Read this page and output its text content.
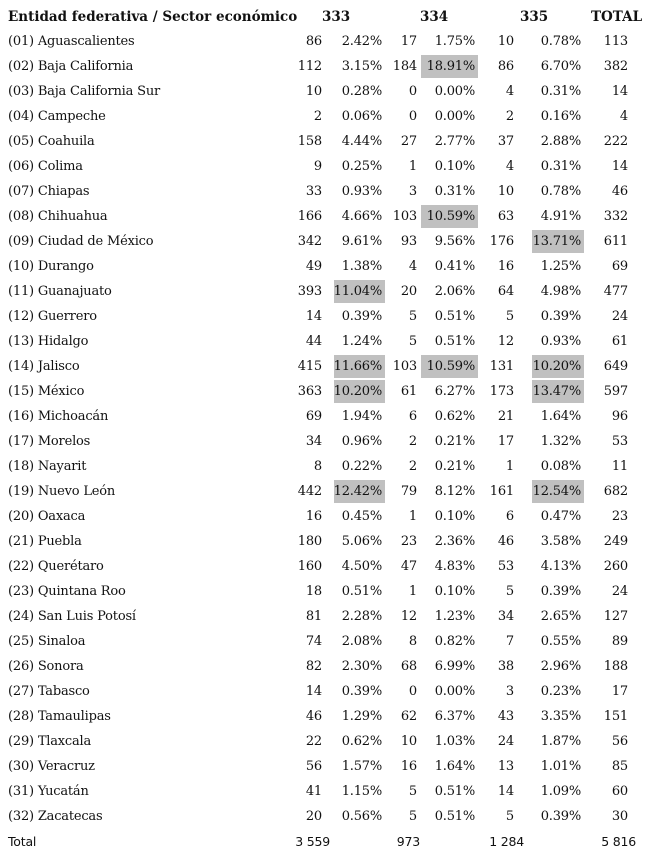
Entidad federativa / Sector económico 333	334	335	TOTAL
(01) Aguascalientes	86 2.42%	17 1.75%	10 0.78%	113
(02) Baja California	112 3.15% 184 18.91%	86 6.70%	382
(03) Baja California Sur	10 0.28%	0 0.00%	4 0.31%	14
(04) Campeche	2 0.06%	0 0.00%	2 0.16%	4
(05) Coahuila	158 4.44%	27 2.77%	37 2.88%	222
(06) Colima	9 0.25%	1 0.10%	4 0.31%	14
(07) Chiapas	33 0.93%	3 0.31%	10 0.78%	46
(08) Chihuahua	166 4.66% 103 10.59%	63 4.91%	332
(09) Ciudad de México	342 9.61%	93 9.56%	176 13.71%	611
(10) Durango	49 1.38%	4 0.41%	16 1.25%	69
(11) Guanajuato	393 11.04%	20 2.06%	64 4.98%	477
(12) Guerrero	14 0.39%	5 0.51%	5 0.39%	24
(13) Hidalgo	44 1.24%	5 0.51%	12 0.93%	61
(14) Jalisco	415 11.66% 103 10.59%	131 10.20%	649
(15) México	363 10.20%	61 6.27%	173 13.47%	597
(16) Michoacán	69 1.94%	6 0.62%	21 1.64%	96
(17) Morelos	34 0.96%	2 0.21%	17 1.32%	53
(18) Nayarit	8 0.22%	2 0.21%	1 0.08%	11
(19) Nuevo León	442 12.42%	79 8.12%	161 12.54%	682
(20) Oaxaca	16 0.45%	1 0.10%	6 0.47%	23
(21) Puebla	180 5.06%	23 2.36%	46 3.58%	249
(22) Querétaro	160 4.50%	47 4.83%	53 4.13%	260
(23) Quintana Roo	18 0.51%	1 0.10%	5 0.39%	24
(24) San Luis Potosí	81 2.28%	12 1.23%	34 2.65%	127
(25) Sinaloa	74 2.08%	8 0.82%	7 0.55%	89
(26) Sonora	82 2.30%	68 6.99%	38 2.96%	188
(27) Tabasco	14 0.39%	0 0.00%	3 0.23%	17
(28) Tamaulipas	46 1.29%	62 6.37%	43 3.35%	151
(29) Tlaxcala	22 0.62%	10 1.03%	24 1.87%	56
(30) Veracruz	56 1.57%	16 1.64%	13 1.01%	85
(31) Yucatán	41 1.15%	5 0.51%	14 1.09%	60
(32) Zacatecas	20 0.56%	5 0.51%	5 0.39%	30
Total	3 559	973	1 284	5 816
